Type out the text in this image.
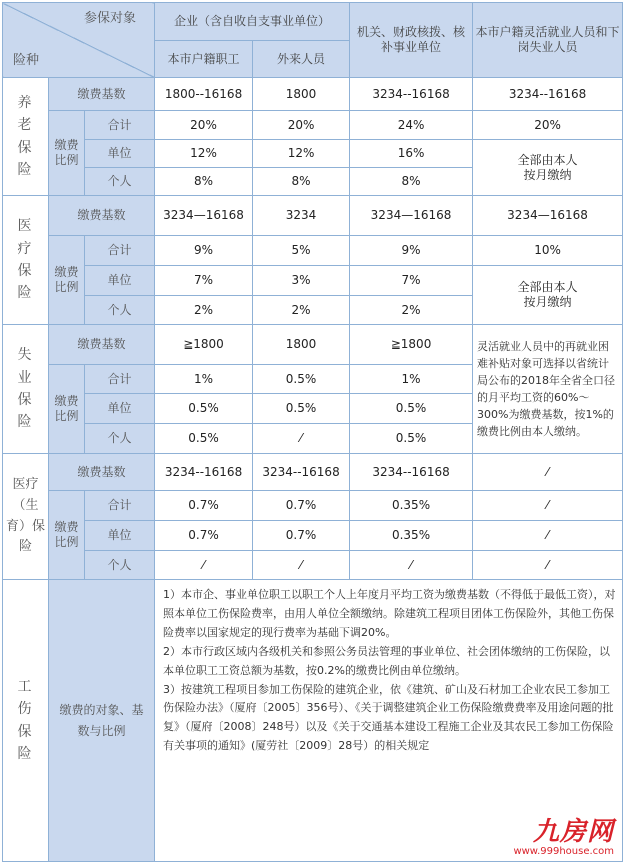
参保对象
险种			企业（含自收自支事业单位）		机关、财政核拨、核补事业单位	本市户籍灵活就业人员和下岗失业人员
			本市户籍职工	外来人员		

养老保险	缴费基数		1800--16168	1800	3234--16168	3234--16168
	缴费比例	合计	20%	20%	24%	20%
		单位	12%	12%	16%	全部由本人按月缴纳
		个人	8%	8%	8%	

医疗保险	缴费基数		3234—16168	3234	3234—16168	3234—16168
	缴费比例	合计	9%	5%	9%	10%
		单位	7%	3%	7%	全部由本人按月缴纳
		个人	2%	2%	2%	

失业保险	缴费基数		≧1800	1800	≧1800	灵活就业人员中的再就业困难补贴对象可选择以省统计局公布的2018年全省全口径的月平均工资的60%～300%为缴费基数，按1%的缴费比例由本人缴纳。
	缴费比例	合计	1%	0.5%	1%	
		单位	0.5%	0.5%	0.5%	
		个人	0.5%	⁄	0.5%	

医疗（生育）保险	缴费基数		3234--16168	3234--16168	3234--16168	⁄
	缴费比例	合计	0.7%	0.7%	0.35%	⁄
		单位	0.7%	0.7%	0.35%	⁄
		个人	⁄	⁄	⁄	⁄

工伤保险	缴费的对象、基数与比例		1）本市企、事业单位职工以职工个人上年度月平均工资为缴费基数（不得低于最低工资），对照本单位工伤保险费率，由用人单位全额缴纳。除建筑工程项目团体工伤保险外，其他工伤保险费率以国家规定的现行费率为基础下调20%。

2）本市行政区域内各级机关和参照公务员法管理的事业单位、社会团体缴纳的工伤保险，以本单位职工工资总额为基数，按0.2%的缴费比例由单位缴纳。

3）按建筑工程项目参加工伤保险的建筑企业，依《建筑、矿山及石材加工企业农民工参加工伤保险办法》（厦府〔2005〕356号）、《关于调整建筑企业工伤保险缴费费率及用途问题的批复》（厦府〔2008〕248号）以及《关于交通基本建设工程施工企业及其农民工参加工伤保险有关事项的通知》(厦劳社〔2009〕28号）的相关规定

九房网
www.999house.com			
